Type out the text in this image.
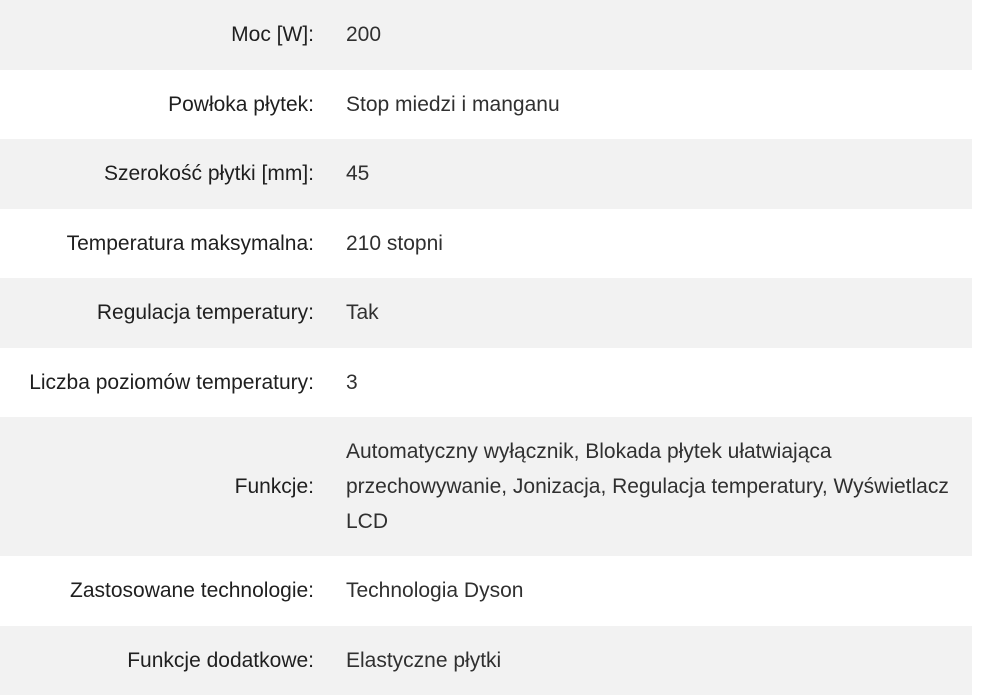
Moc [W]:	200
Powłoka płytek:	Stop miedzi i manganu
Szerokość płytki [mm]:	45
Temperatura maksymalna:	210 stopni
Regulacja temperatury:	Tak
Liczba poziomów temperatury:	3
Funkcje:	Automatyczny wyłącznik, Blokada płytek ułatwiająca przechowywanie, Jonizacja, Regulacja temperatury, Wyświetlacz LCD
Zastosowane technologie:	Technologia Dyson
Funkcje dodatkowe:	Elastyczne płytki
